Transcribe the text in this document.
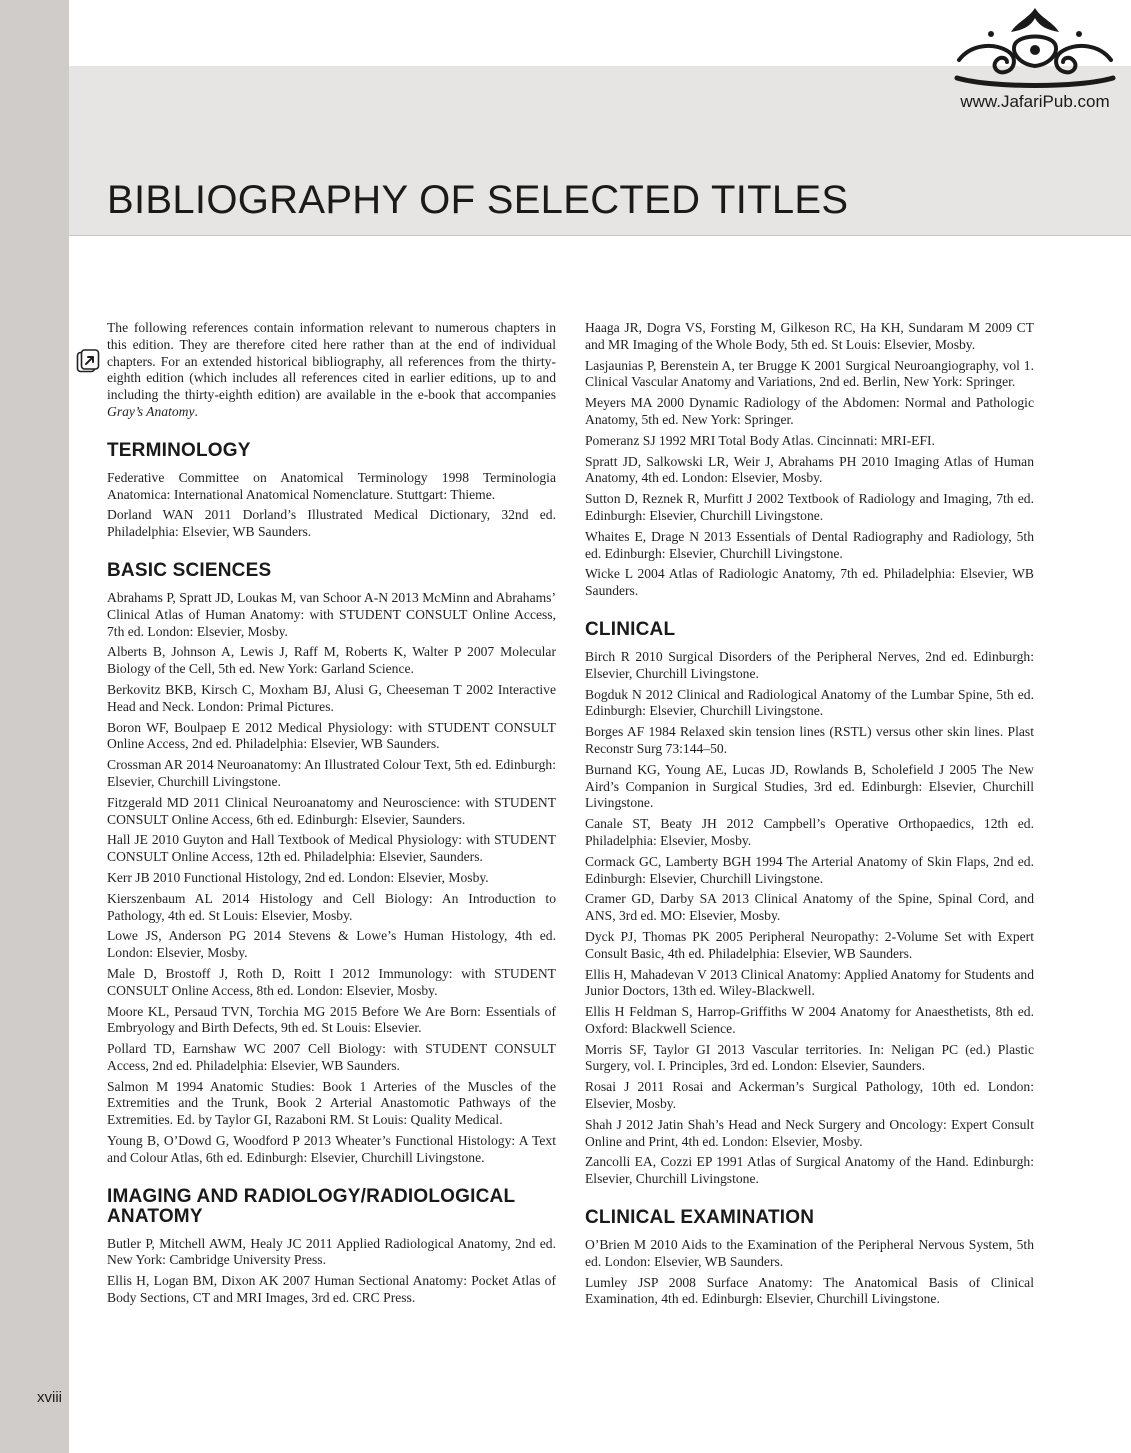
www.JafariPub.com
BIBLIOGRAPHY OF SELECTED TITLES

The following references contain information relevant to numerous chapters in this edition. They are therefore cited here rather than at the end of individual chapters. For an extended historical bibliography, all references from the thirty-eighth edition (which includes all references cited in earlier editions, up to and including the thirty-eighth edition) are available in the e-book that accompanies Gray’s Anatomy.

TERMINOLOGY

Federative Committee on Anatomical Terminology 1998 Terminologia Anatomica: International Anatomical Nomenclature. Stuttgart: Thieme.

Dorland WAN 2011 Dorland’s Illustrated Medical Dictionary, 32nd ed. Philadelphia: Elsevier, WB Saunders.

BASIC SCIENCES

Abrahams P, Spratt JD, Loukas M, van Schoor A-N 2013 McMinn and Abrahams’ Clinical Atlas of Human Anatomy: with STUDENT CONSULT Online Access, 7th ed. London: Elsevier, Mosby.

Alberts B, Johnson A, Lewis J, Raff M, Roberts K, Walter P 2007 Molecular Biology of the Cell, 5th ed. New York: Garland Science.

Berkovitz BKB, Kirsch C, Moxham BJ, Alusi G, Cheeseman T 2002 Interactive Head and Neck. London: Primal Pictures.

Boron WF, Boulpaep E 2012 Medical Physiology: with STUDENT CONSULT Online Access, 2nd ed. Philadelphia: Elsevier, WB Saunders.

Crossman AR 2014 Neuroanatomy: An Illustrated Colour Text, 5th ed. Edinburgh: Elsevier, Churchill Livingstone.

Fitzgerald MD 2011 Clinical Neuroanatomy and Neuroscience: with STUDENT CONSULT Online Access, 6th ed. Edinburgh: Elsevier, Saunders.

Hall JE 2010 Guyton and Hall Textbook of Medical Physiology: with STUDENT CONSULT Online Access, 12th ed. Philadelphia: Elsevier, Saunders.

Kerr JB 2010 Functional Histology, 2nd ed. London: Elsevier, Mosby.

Kierszenbaum AL 2014 Histology and Cell Biology: An Introduction to Pathology, 4th ed. St Louis: Elsevier, Mosby.

Lowe JS, Anderson PG 2014 Stevens & Lowe’s Human Histology, 4th ed. London: Elsevier, Mosby.

Male D, Brostoff J, Roth D, Roitt I 2012 Immunology: with STUDENT CONSULT Online Access, 8th ed. London: Elsevier, Mosby.

Moore KL, Persaud TVN, Torchia MG 2015 Before We Are Born: Essentials of Embryology and Birth Defects, 9th ed. St Louis: Elsevier.

Pollard TD, Earnshaw WC 2007 Cell Biology: with STUDENT CONSULT Access, 2nd ed. Philadelphia: Elsevier, WB Saunders.

Salmon M 1994 Anatomic Studies: Book 1 Arteries of the Muscles of the Extremities and the Trunk, Book 2 Arterial Anastomotic Pathways of the Extremities. Ed. by Taylor GI, Razaboni RM. St Louis: Quality Medical.

Young B, O’Dowd G, Woodford P 2013 Wheater’s Functional Histology: A Text and Colour Atlas, 6th ed. Edinburgh: Elsevier, Churchill Livingstone.

IMAGING AND RADIOLOGY/RADIOLOGICAL ANATOMY

Butler P, Mitchell AWM, Healy JC 2011 Applied Radiological Anatomy, 2nd ed. New York: Cambridge University Press.

Ellis H, Logan BM, Dixon AK 2007 Human Sectional Anatomy: Pocket Atlas of Body Sections, CT and MRI Images, 3rd ed. CRC Press.

Haaga JR, Dogra VS, Forsting M, Gilkeson RC, Ha KH, Sundaram M 2009 CT and MR Imaging of the Whole Body, 5th ed. St Louis: Elsevier, Mosby.

Lasjaunias P, Berenstein A, ter Brugge K 2001 Surgical Neuroangiography, vol 1. Clinical Vascular Anatomy and Variations, 2nd ed. Berlin, New York: Springer.

Meyers MA 2000 Dynamic Radiology of the Abdomen: Normal and Pathologic Anatomy, 5th ed. New York: Springer.

Pomeranz SJ 1992 MRI Total Body Atlas. Cincinnati: MRI-EFI.

Spratt JD, Salkowski LR, Weir J, Abrahams PH 2010 Imaging Atlas of Human Anatomy, 4th ed. London: Elsevier, Mosby.

Sutton D, Reznek R, Murfitt J 2002 Textbook of Radiology and Imaging, 7th ed. Edinburgh: Elsevier, Churchill Livingstone.

Whaites E, Drage N 2013 Essentials of Dental Radiography and Radiology, 5th ed. Edinburgh: Elsevier, Churchill Livingstone.

Wicke L 2004 Atlas of Radiologic Anatomy, 7th ed. Philadelphia: Elsevier, WB Saunders.

CLINICAL

Birch R 2010 Surgical Disorders of the Peripheral Nerves, 2nd ed. Edinburgh: Elsevier, Churchill Livingstone.

Bogduk N 2012 Clinical and Radiological Anatomy of the Lumbar Spine, 5th ed. Edinburgh: Elsevier, Churchill Livingstone.

Borges AF 1984 Relaxed skin tension lines (RSTL) versus other skin lines. Plast Reconstr Surg 73:144–50.

Burnand KG, Young AE, Lucas JD, Rowlands B, Scholefield J 2005 The New Aird’s Companion in Surgical Studies, 3rd ed. Edinburgh: Elsevier, Churchill Livingstone.

Canale ST, Beaty JH 2012 Campbell’s Operative Orthopaedics, 12th ed. Philadelphia: Elsevier, Mosby.

Cormack GC, Lamberty BGH 1994 The Arterial Anatomy of Skin Flaps, 2nd ed. Edinburgh: Elsevier, Churchill Livingstone.

Cramer GD, Darby SA 2013 Clinical Anatomy of the Spine, Spinal Cord, and ANS, 3rd ed. MO: Elsevier, Mosby.

Dyck PJ, Thomas PK 2005 Peripheral Neuropathy: 2-Volume Set with Expert Consult Basic, 4th ed. Philadelphia: Elsevier, WB Saunders.

Ellis H, Mahadevan V 2013 Clinical Anatomy: Applied Anatomy for Students and Junior Doctors, 13th ed. Wiley-Blackwell.

Ellis H Feldman S, Harrop-Griffiths W 2004 Anatomy for Anaesthetists, 8th ed. Oxford: Blackwell Science.

Morris SF, Taylor GI 2013 Vascular territories. In: Neligan PC (ed.) Plastic Surgery, vol. I. Principles, 3rd ed. London: Elsevier, Saunders.

Rosai J 2011 Rosai and Ackerman’s Surgical Pathology, 10th ed. London: Elsevier, Mosby.

Shah J 2012 Jatin Shah’s Head and Neck Surgery and Oncology: Expert Consult Online and Print, 4th ed. London: Elsevier, Mosby.

Zancolli EA, Cozzi EP 1991 Atlas of Surgical Anatomy of the Hand. Edinburgh: Elsevier, Churchill Livingstone.

CLINICAL EXAMINATION

O’Brien M 2010 Aids to the Examination of the Peripheral Nervous System, 5th ed. London: Elsevier, WB Saunders.

Lumley JSP 2008 Surface Anatomy: The Anatomical Basis of Clinical Examination, 4th ed. Edinburgh: Elsevier, Churchill Livingstone.

xviii
